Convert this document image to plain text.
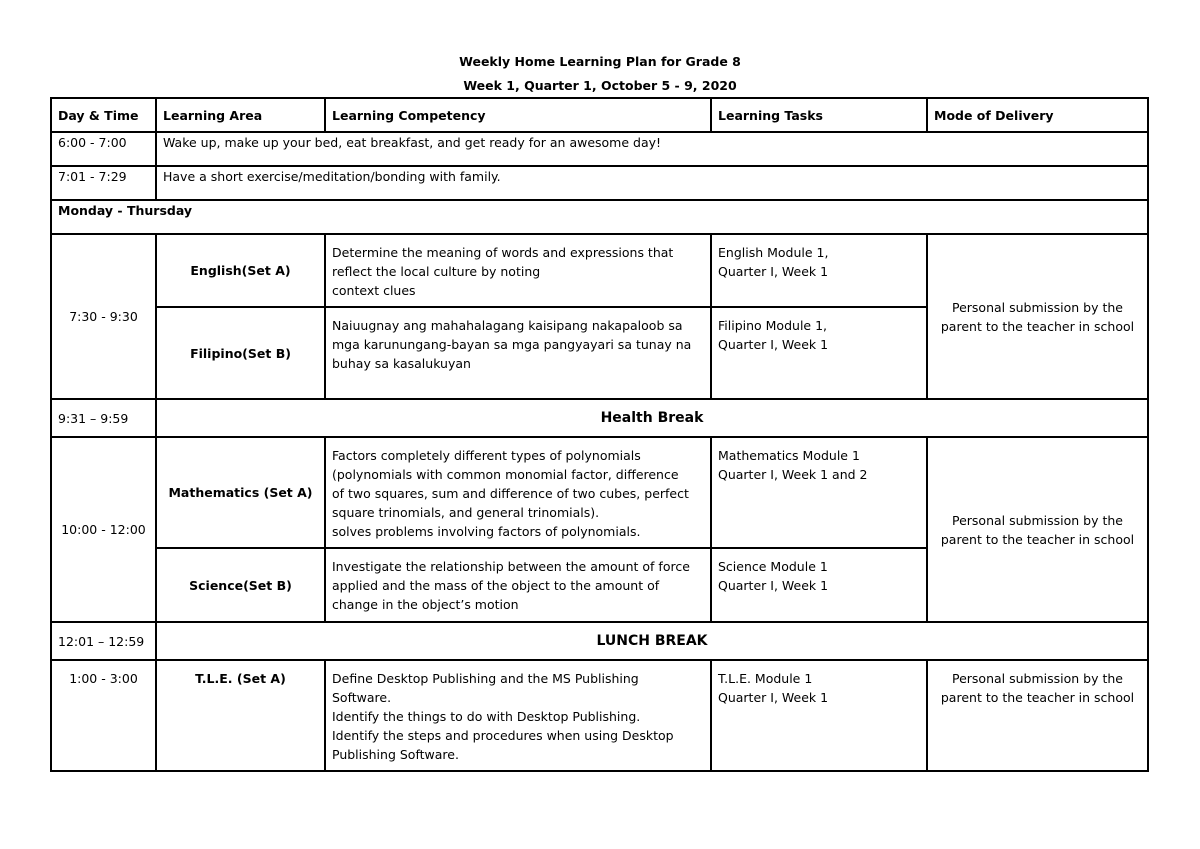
Weekly Home Learning Plan for Grade 8
Week 1, Quarter 1, October 5 - 9, 2020
Day & Time	Learning Area	Learning Competency	Learning Tasks	Mode of Delivery
6:00 - 7:00	Wake up, make up your bed, eat breakfast, and get ready for an awesome day!			
7:01 - 7:29	Have a short exercise/meditation/bonding with family.			
Monday - Thursday				
7:30 - 9:30	English(Set A)	Determine the meaning of words and expressions that
reflect the local culture by noting
context clues	English Module 1,
Quarter I, Week 1	Personal submission by the parent to the teacher in school
	Filipino(Set B)	Naiuugnay ang mahahalagang kaisipang nakapaloob sa
mga karunungang-bayan sa mga pangyayari sa tunay na
buhay sa kasalukuyan	Filipino Module 1,
Quarter I, Week 1	

9:31 – 9:59	Health Break			
10:00 - 12:00	Mathematics (Set A)	Factors completely different types of polynomials
(polynomials with common monomial factor, difference
of two squares, sum and difference of two cubes, perfect
square trinomials, and general trinomials).
solves problems involving factors of polynomials.	Mathematics Module 1
Quarter I, Week 1 and 2	Personal submission by the parent to the teacher in school
	Science(Set B)	Investigate the relationship between the amount of force
applied and the mass of the object to the amount of
change in the object’s motion	Science Module 1
Quarter I, Week 1	

12:01 – 12:59	LUNCH BREAK			
1:00 - 3:00	T.L.E. (Set A)	Define Desktop Publishing and the MS Publishing
Software.
Identify the things to do with Desktop Publishing.
Identify the steps and procedures when using Desktop
Publishing Software.	T.L.E. Module 1
Quarter I, Week 1	Personal submission by the parent to the teacher in school
